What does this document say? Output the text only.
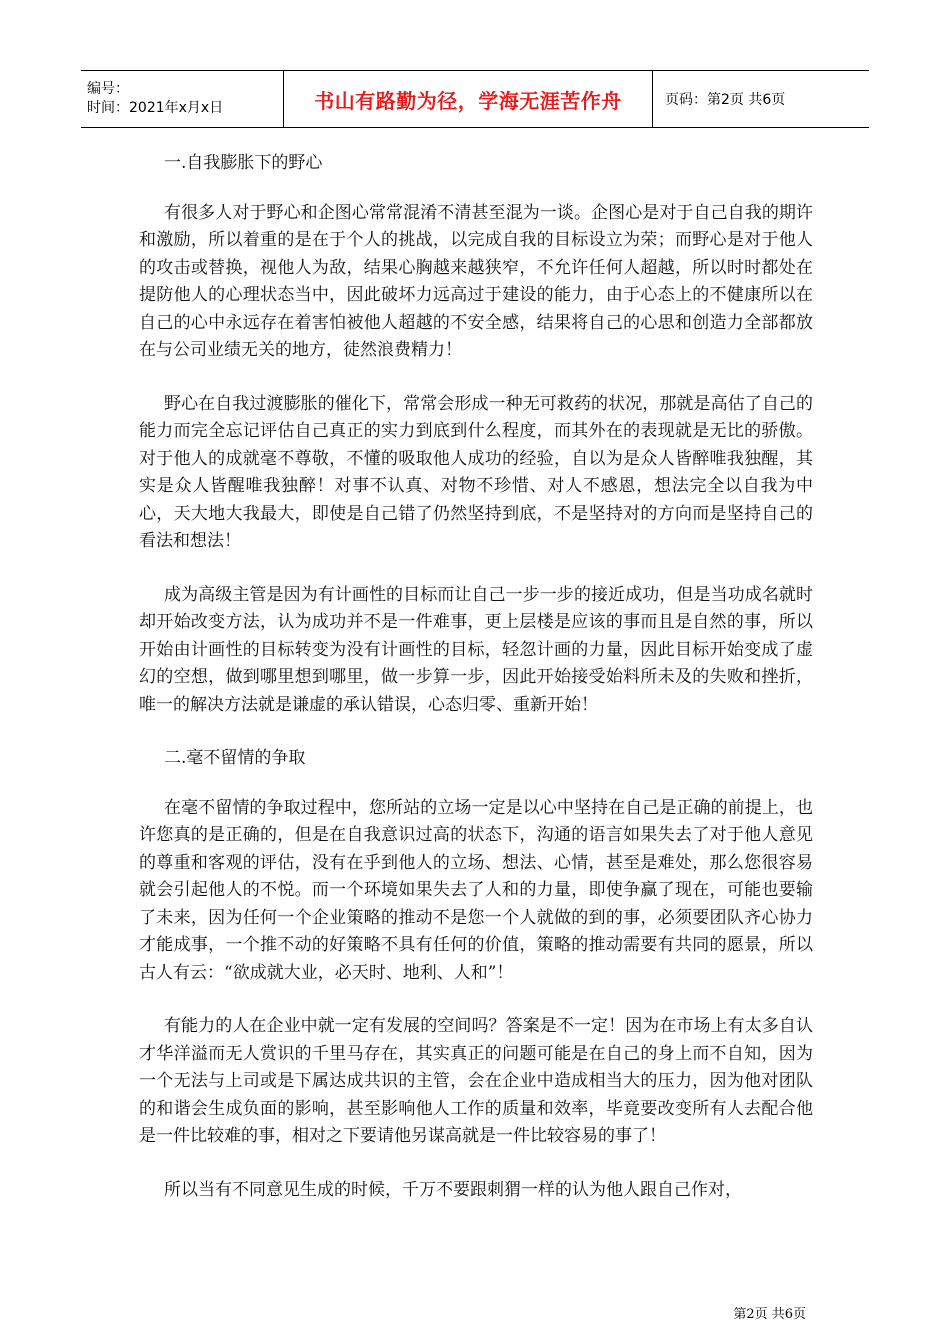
编号：
时间：2021年x月x日	书山有路勤为径，学海无涯苦作舟	页码：第2页 共6页

一.自我膨胀下的野心

有很多人对于野心和企图心常常混淆不清甚至混为一谈。企图心是对于自己自我的期许和激励，所以着重的是在于个人的挑战，以完成自我的目标设立为荣；而野心是对于他人的攻击或替换，视他人为敌，结果心胸越来越狭窄，不允许任何人超越，所以时时都处在提防他人的心理状态当中，因此破坏力远高过于建设的能力，由于心态上的不健康所以在自己的心中永远存在着害怕被他人超越的不安全感，结果将自己的心思和创造力全部都放在与公司业绩无关的地方，徒然浪费精力！

野心在自我过渡膨胀的催化下，常常会形成一种无可救药的状况，那就是高估了自己的能力而完全忘记评估自己真正的实力到底到什么程度，而其外在的表现就是无比的骄傲。对于他人的成就毫不尊敬，不懂的吸取他人成功的经验，自以为是众人皆醉唯我独醒，其实是众人皆醒唯我独醉！对事不认真、对物不珍惜、对人不感恩，想法完全以自我为中心，天大地大我最大，即使是自己错了仍然坚持到底，不是坚持对的方向而是坚持自己的看法和想法！

成为高级主管是因为有计画性的目标而让自己一步一步的接近成功，但是当功成名就时却开始改变方法，认为成功并不是一件难事，更上层楼是应该的事而且是自然的事，所以开始由计画性的目标转变为没有计画性的目标，轻忽计画的力量，因此目标开始变成了虚幻的空想，做到哪里想到哪里，做一步算一步，因此开始接受始料所未及的失败和挫折，唯一的解决方法就是谦虚的承认错误，心态归零、重新开始！

二.毫不留情的争取

在毫不留情的争取过程中，您所站的立场一定是以心中坚持在自己是正确的前提上，也许您真的是正确的，但是在自我意识过高的状态下，沟通的语言如果失去了对于他人意见的尊重和客观的评估，没有在乎到他人的立场、想法、心情，甚至是难处，那么您很容易就会引起他人的不悦。而一个环境如果失去了人和的力量，即使争赢了现在，可能也要输了未来，因为任何一个企业策略的推动不是您一个人就做的到的事，必须要团队齐心协力才能成事，一个推不动的好策略不具有任何的价值，策略的推动需要有共同的愿景，所以古人有云：“欲成就大业，必天时、地利、人和”！

有能力的人在企业中就一定有发展的空间吗？答案是不一定！因为在市场上有太多自认才华洋溢而无人赏识的千里马存在，其实真正的问题可能是在自己的身上而不自知，因为一个无法与上司或是下属达成共识的主管，会在企业中造成相当大的压力，因为他对团队的和谐会生成负面的影响，甚至影响他人工作的质量和效率，毕竟要改变所有人去配合他是一件比较难的事，相对之下要请他另谋高就是一件比较容易的事了！

所以当有不同意见生成的时候，千万不要跟刺猬一样的认为他人跟自己作对，

第2页 共6页
